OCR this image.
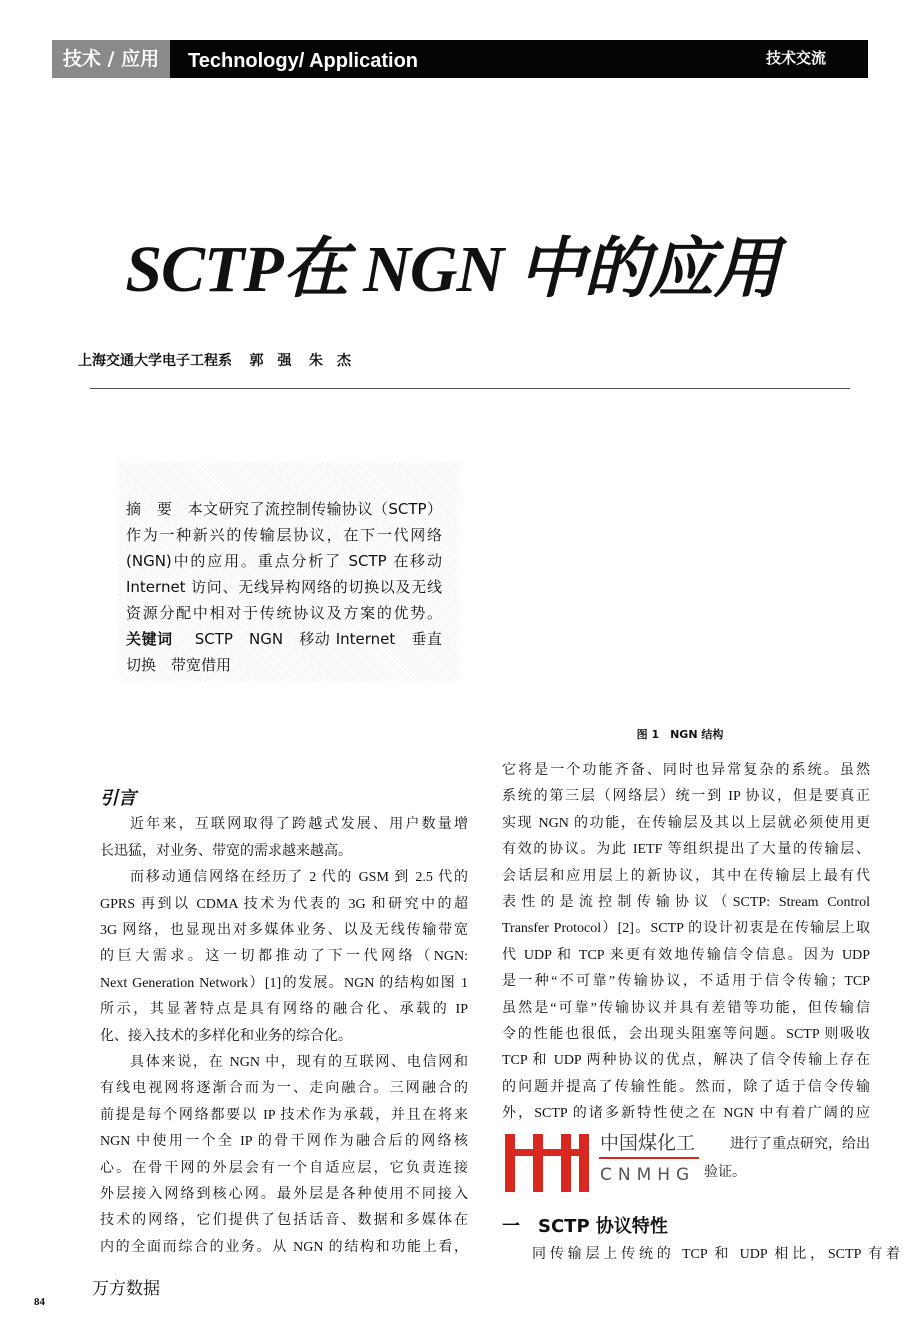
技术 / 应用	Technology/ Application	技术交流
SCTP在 NGN 中的应用
上海交通大学电子工程系 郭　强 朱　杰
摘　要　本文研究了流控制传输协议（SCTP）
作为一种新兴的传输层协议，在下一代网络
(NGN)中的应用。重点分析了 SCTP 在移动
Internet 访问、无线异构网络的切换以及无线
资源分配中相对于传统协议及方案的优势。
关键词 SCTP　NGN　移动 Internet　垂直
切换　带宽借用
图 1　NGN 结构
引言
近年来，互联网取得了跨越式发展、用户数量增
长迅猛，对业务、带宽的需求越来越高。
而移动通信网络在经历了 2 代的 GSM 到 2.5 代的
GPRS 再到以 CDMA 技术为代表的 3G 和研究中的超
3G 网络，也显现出对多媒体业务、以及无线传输带宽
的巨大需求。这一切都推动了下一代网络（NGN:
Next Generation Network）[1]的发展。NGN 的结构如图 1
所示，其显著特点是具有网络的融合化、承载的 IP
化、接入技术的多样化和业务的综合化。
具体来说，在 NGN 中，现有的互联网、电信网和
有线电视网将逐渐合而为一、走向融合。三网融合的
前提是每个网络都要以 IP 技术作为承载，并且在将来
NGN 中使用一个全 IP 的骨干网作为融合后的网络核
心。在骨干网的外层会有一个自适应层，它负责连接
外层接入网络到核心网。最外层是各种使用不同接入
技术的网络，它们提供了包括话音、数据和多媒体在
内的全面而综合的业务。从 NGN 的结构和功能上看，
它将是一个功能齐备、同时也异常复杂的系统。虽然
系统的第三层（网络层）统一到 IP 协议，但是要真正
实现 NGN 的功能，在传输层及其以上层就必须使用更
有效的协议。为此 IETF 等组织提出了大量的传输层、
会话层和应用层上的新协议，其中在传输层上最有代
表性的是流控制传输协议（SCTP: Stream Control
Transfer Protocol）[2]。SCTP 的设计初衷是在传输层上取
代 UDP 和 TCP 来更有效地传输信令信息。因为 UDP
是一种“不可靠”传输协议，不适用于信令传输；TCP
虽然是“可靠”传输协议并具有差错等功能，但传输信
令的性能也很低，会出现头阻塞等问题。SCTP 则吸收
TCP 和 UDP 两种协议的优点，解决了信令传输上存在
的问题并提高了传输性能。然而，除了适于信令传输
外，SCTP 的诸多新特性使之在 NGN 中有着广阔的应
进行了重点研究，给出
验证。
中国煤化工
CNMHG
一　SCTP 协议特性
同传输层上传统的 TCP 和 UDP 相比，SCTP 有着
84
万方数据
